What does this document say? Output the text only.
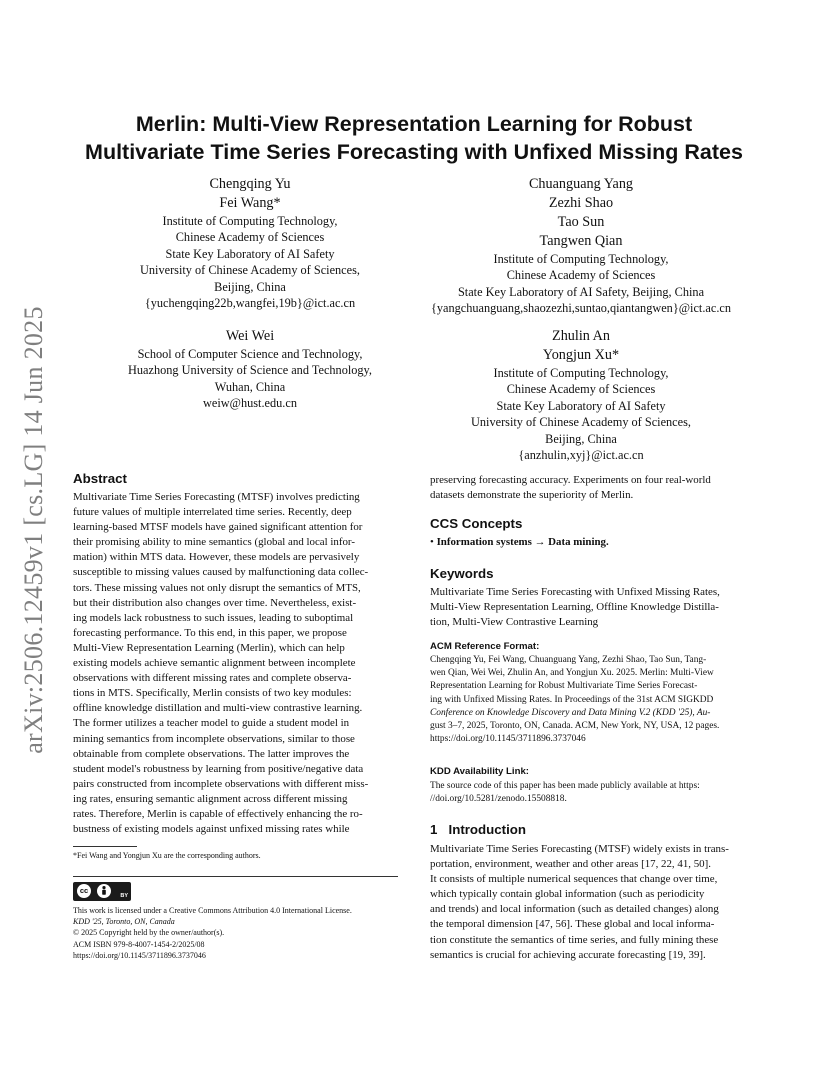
arXiv:2506.12459v1 [cs.LG] 14 Jun 2025
Merlin: Multi-View Representation Learning for Robust
Multivariate Time Series Forecasting with Unfixed Missing Rates
Chengqing Yu
Fei Wang*
Institute of Computing Technology,
Chinese Academy of Sciences
State Key Laboratory of AI Safety
University of Chinese Academy of Sciences,
Beijing, China
{yuchengqing22b,wangfei,19b}@ict.ac.cn
Chuanguang Yang
Zezhi Shao
Tao Sun
Tangwen Qian
Institute of Computing Technology,
Chinese Academy of Sciences
State Key Laboratory of AI Safety, Beijing, China
{yangchuanguang,shaozezhi,suntao,qiantangwen}@ict.ac.cn
Wei Wei
School of Computer Science and Technology,
Huazhong University of Science and Technology,
Wuhan, China
weiw@hust.edu.cn
Zhulin An
Yongjun Xu*
Institute of Computing Technology,
Chinese Academy of Sciences
State Key Laboratory of AI Safety
University of Chinese Academy of Sciences,
Beijing, China
{anzhulin,xyj}@ict.ac.cn
Abstract
Multivariate Time Series Forecasting (MTSF) involves predicting
future values of multiple interrelated time series. Recently, deep
learning-based MTSF models have gained significant attention for
their promising ability to mine semantics (global and local infor-
mation) within MTS data. However, these models are pervasively
susceptible to missing values caused by malfunctioning data collec-
tors. These missing values not only disrupt the semantics of MTS,
but their distribution also changes over time. Nevertheless, exist-
ing models lack robustness to such issues, leading to suboptimal
forecasting performance. To this end, in this paper, we propose
Multi-View Representation Learning (Merlin), which can help
existing models achieve semantic alignment between incomplete
observations with different missing rates and complete observa-
tions in MTS. Specifically, Merlin consists of two key modules:
offline knowledge distillation and multi-view contrastive learning.
The former utilizes a teacher model to guide a student model in
mining semantics from incomplete observations, similar to those
obtainable from complete observations. The latter improves the
student model's robustness by learning from positive/negative data
pairs constructed from incomplete observations with different miss-
ing rates, ensuring semantic alignment across different missing
rates. Therefore, Merlin is capable of effectively enhancing the ro-
bustness of existing models against unfixed missing rates while
*Fei Wang and Yongjun Xu are the corresponding authors.
cc
BY
This work is licensed under a Creative Commons Attribution 4.0 International License.
KDD '25, Toronto, ON, Canada
© 2025 Copyright held by the owner/author(s).
ACM ISBN 979-8-4007-1454-2/2025/08
https://doi.org/10.1145/3711896.3737046
preserving forecasting accuracy. Experiments on four real-world
datasets demonstrate the superiority of Merlin.
CCS Concepts
• Information systems → Data mining.
Keywords
Multivariate Time Series Forecasting with Unfixed Missing Rates,
Multi-View Representation Learning, Offline Knowledge Distilla-
tion, Multi-View Contrastive Learning
ACM Reference Format:
Chengqing Yu, Fei Wang, Chuanguang Yang, Zezhi Shao, Tao Sun, Tang-
wen Qian, Wei Wei, Zhulin An, and Yongjun Xu. 2025. Merlin: Multi-View
Representation Learning for Robust Multivariate Time Series Forecast-
ing with Unfixed Missing Rates. In Proceedings of the 31st ACM SIGKDD
Conference on Knowledge Discovery and Data Mining V.2 (KDD '25), Au-
gust 3–7, 2025, Toronto, ON, Canada. ACM, New York, NY, USA, 12 pages.
https://doi.org/10.1145/3711896.3737046
KDD Availability Link:
The source code of this paper has been made publicly available at https:
//doi.org/10.5281/zenodo.15508818.
1 Introduction
Multivariate Time Series Forecasting (MTSF) widely exists in trans-
portation, environment, weather and other areas [17, 22, 41, 50].
It consists of multiple numerical sequences that change over time,
which typically contain global information (such as periodicity
and trends) and local information (such as detailed changes) along
the temporal dimension [47, 56]. These global and local informa-
tion constitute the semantics of time series, and fully mining these
semantics is crucial for achieving accurate forecasting [19, 39].
